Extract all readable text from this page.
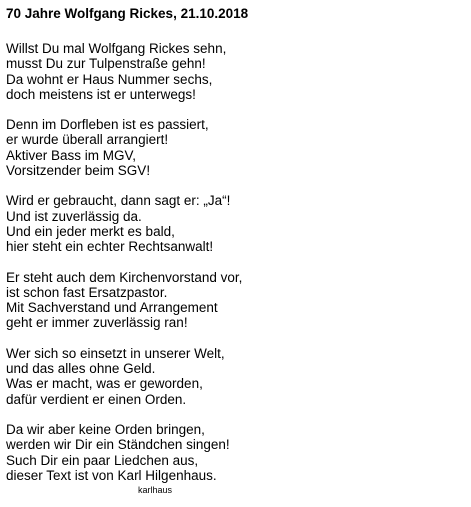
70 Jahre Wolfgang Rickes, 21.10.2018
Willst Du mal Wolfgang Rickes sehn,
musst Du zur Tulpenstraße gehn!
Da wohnt er Haus Nummer sechs,
doch meistens ist er unterwegs!
Denn im Dorfleben ist es passiert,
er wurde überall arrangiert!
Aktiver Bass im MGV,
Vorsitzender beim SGV!
Wird er gebraucht, dann sagt er: „Ja“!
Und ist zuverlässig da.
Und ein jeder merkt es bald,
hier steht ein echter Rechtsanwalt!
Er steht auch dem Kirchenvorstand vor,
ist schon fast Ersatzpastor.
Mit Sachverstand und Arrangement
geht er immer zuverlässig ran!
Wer sich so einsetzt in unserer Welt,
und das alles ohne Geld.
Was er macht, was er geworden,
dafür verdient er einen Orden.
Da wir aber keine Orden bringen,
werden wir Dir ein Ständchen singen!
Such Dir ein paar Liedchen aus,
dieser Text ist von Karl Hilgenhaus.
karlhaus
